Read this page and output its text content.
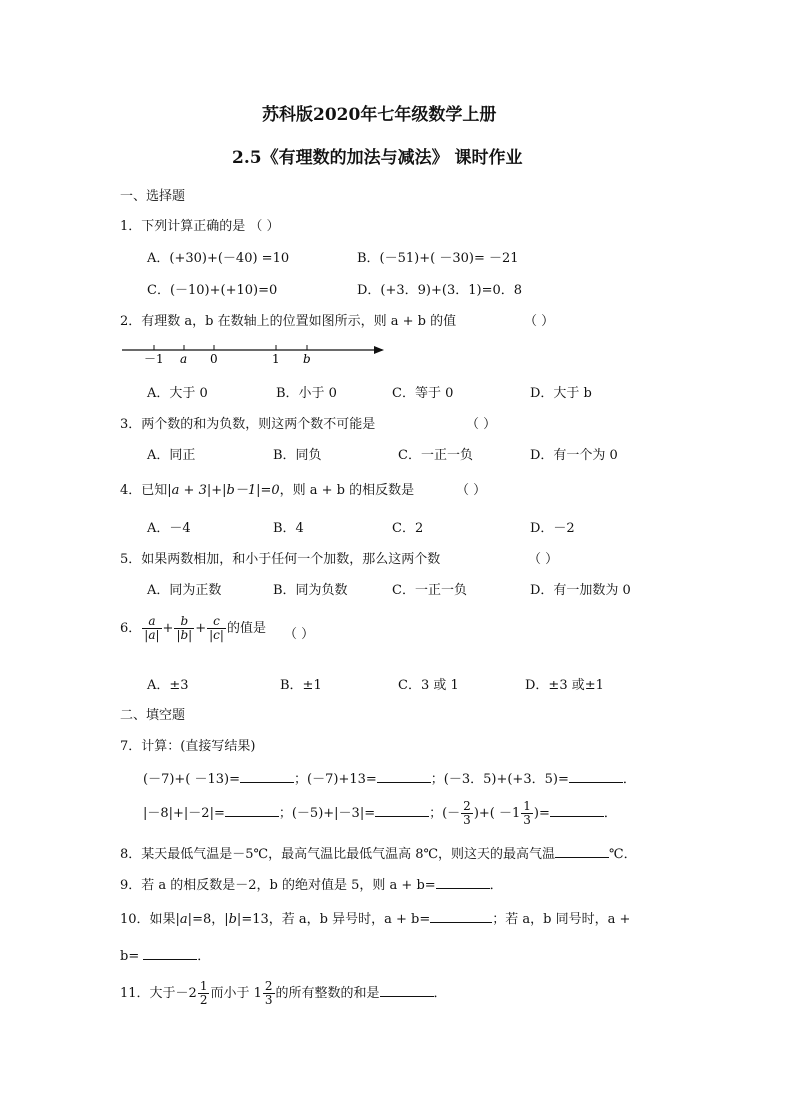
苏科版2020年七年级数学上册
2.5《有理数的加法与减法》 课时作业
一、选择题
1．下列计算正确的是 （ ）
A．(+30)+(－40) =10	B．(－51)+( －30)= －21
C．(－10)+(+10)=0	D．(+3．9)+(3．1)=0．8
2．有理数 a，b 在数轴上的位置如图所示，则 a + b 的值	（ ）
－1 a 0	1 b
A．大于 0	B．小于 0	C．等于 0	D．大于 b
3．两个数的和为负数，则这两个数不可能是	（ ）
A．同正	B．同负	C．一正一负	D．有一个为 0
4．已知|a + 3|+|b－1|=0，则 a + b 的相反数是	（ ）
A．－4	B．4	C．2	D．－2
5．如果两数相加，和小于任何一个加数，那么这两个数	（ ）
A．同为正数	B．同为负数	C．一正一负	D．有一加数为 0
6． $\frac{a}{|a|} + \frac{b}{|b|} + \frac{c}{|c|}$ 的值是 （ ）
A．±3	B．±1	C．3 或 1	D．±3 或±1
二、填空题
7．计算：(直接写结果)
(－7)+( －13)=	；(－7)+13=	；(－3．5)+(+3．5)=	．
|－8|+|－2|=	；(－5)+|－3|=	；(－ $\frac{2}{3}$ )+( $-1 \frac{1}{3}$ )=	．
8．某天最低气温是－5℃，最高气温比最低气温高 8℃，则这天的最高气温	℃．
9．若 a 的相反数是－2，b 的绝对值是 5，则 a + b=	．
10．如果|a|=8，|b|=13，若 a，b 异号时，a + b=	；若 a，b 同号时，a +
b=	．
11．大于$-2 \frac{1}{2}$ 而小于 $1 \frac{2}{3}$ 的所有整数的和是	．
